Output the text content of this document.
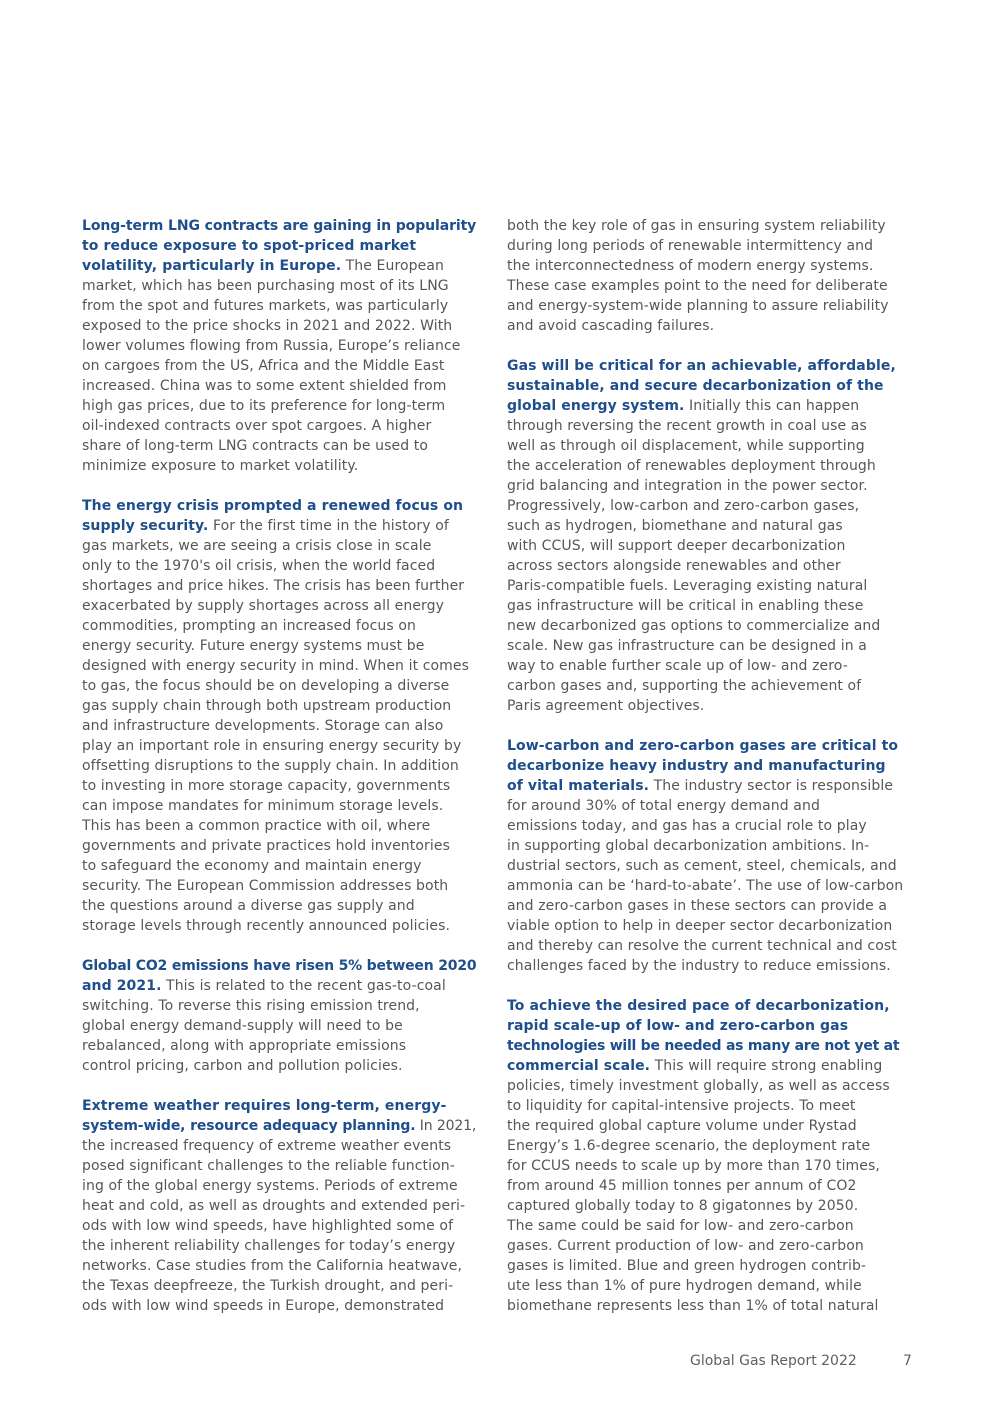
Long-term LNG contracts are gaining in popularity
to reduce exposure to spot-priced market
volatility, particularly in Europe. The European
market, which has been purchasing most of its LNG
from the spot and futures markets, was particularly
exposed to the price shocks in 2021 and 2022. With
lower volumes flowing from Russia, Europe’s reliance
on cargoes from the US, Africa and the Middle East
increased. China was to some extent shielded from
high gas prices, due to its preference for long-term
oil-indexed contracts over spot cargoes. A higher
share of long-term LNG contracts can be used to
minimize exposure to market volatility.
The energy crisis prompted a renewed focus on
supply security. For the first time in the history of
gas markets, we are seeing a crisis close in scale
only to the 1970's oil crisis, when the world faced
shortages and price hikes. The crisis has been further
exacerbated by supply shortages across all energy
commodities, prompting an increased focus on
energy security. Future energy systems must be
designed with energy security in mind. When it comes
to gas, the focus should be on developing a diverse
gas supply chain through both upstream production
and infrastructure developments. Storage can also
play an important role in ensuring energy security by
offsetting disruptions to the supply chain. In addition
to investing in more storage capacity, governments
can impose mandates for minimum storage levels.
This has been a common practice with oil, where
governments and private practices hold inventories
to safeguard the economy and maintain energy
security. The European Commission addresses both
the questions around a diverse gas supply and
storage levels through recently announced policies.
Global CO2 emissions have risen 5% between 2020
and 2021. This is related to the recent gas-to-coal
switching. To reverse this rising emission trend,
global energy demand-supply will need to be
rebalanced, along with appropriate emissions
control pricing, carbon and pollution policies.
Extreme weather requires long-term, energy-
system-wide, resource adequacy planning. In 2021,
the increased frequency of extreme weather events
posed significant challenges to the reliable function-
ing of the global energy systems. Periods of extreme
heat and cold, as well as droughts and extended peri-
ods with low wind speeds, have highlighted some of
the inherent reliability challenges for today’s energy
networks. Case studies from the California heatwave,
the Texas deepfreeze, the Turkish drought, and peri-
ods with low wind speeds in Europe, demonstrated
both the key role of gas in ensuring system reliability
during long periods of renewable intermittency and
the interconnectedness of modern energy systems.
These case examples point to the need for deliberate
and energy-system-wide planning to assure reliability
and avoid cascading failures.
Gas will be critical for an achievable, affordable,
sustainable, and secure decarbonization of the
global energy system. Initially this can happen
through reversing the recent growth in coal use as
well as through oil displacement, while supporting
the acceleration of renewables deployment through
grid balancing and integration in the power sector.
Progressively, low-carbon and zero-carbon gases,
such as hydrogen, biomethane and natural gas
with CCUS, will support deeper decarbonization
across sectors alongside renewables and other
Paris-compatible fuels. Leveraging existing natural
gas infrastructure will be critical in enabling these
new decarbonized gas options to commercialize and
scale. New gas infrastructure can be designed in a
way to enable further scale up of low- and zero-
carbon gases and, supporting the achievement of
Paris agreement objectives.
Low-carbon and zero-carbon gases are critical to
decarbonize heavy industry and manufacturing
of vital materials. The industry sector is responsible
for around 30% of total energy demand and
emissions today, and gas has a crucial role to play
in supporting global decarbonization ambitions. In-
dustrial sectors, such as cement, steel, chemicals, and
ammonia can be ‘hard-to-abate’. The use of low-carbon
and zero-carbon gases in these sectors can provide a
viable option to help in deeper sector decarbonization
and thereby can resolve the current technical and cost
challenges faced by the industry to reduce emissions.
To achieve the desired pace of decarbonization,
rapid scale-up of low- and zero-carbon gas
technologies will be needed as many are not yet at
commercial scale. This will require strong enabling
policies, timely investment globally, as well as access
to liquidity for capital-intensive projects. To meet
the required global capture volume under Rystad
Energy’s 1.6-degree scenario, the deployment rate
for CCUS needs to scale up by more than 170 times,
from around 45 million tonnes per annum of CO2
captured globally today to 8 gigatonnes by 2050.
The same could be said for low- and zero-carbon
gases. Current production of low- and zero-carbon
gases is limited. Blue and green hydrogen contrib-
ute less than 1% of pure hydrogen demand, while
biomethane represents less than 1% of total natural
Global Gas Report 2022	7
